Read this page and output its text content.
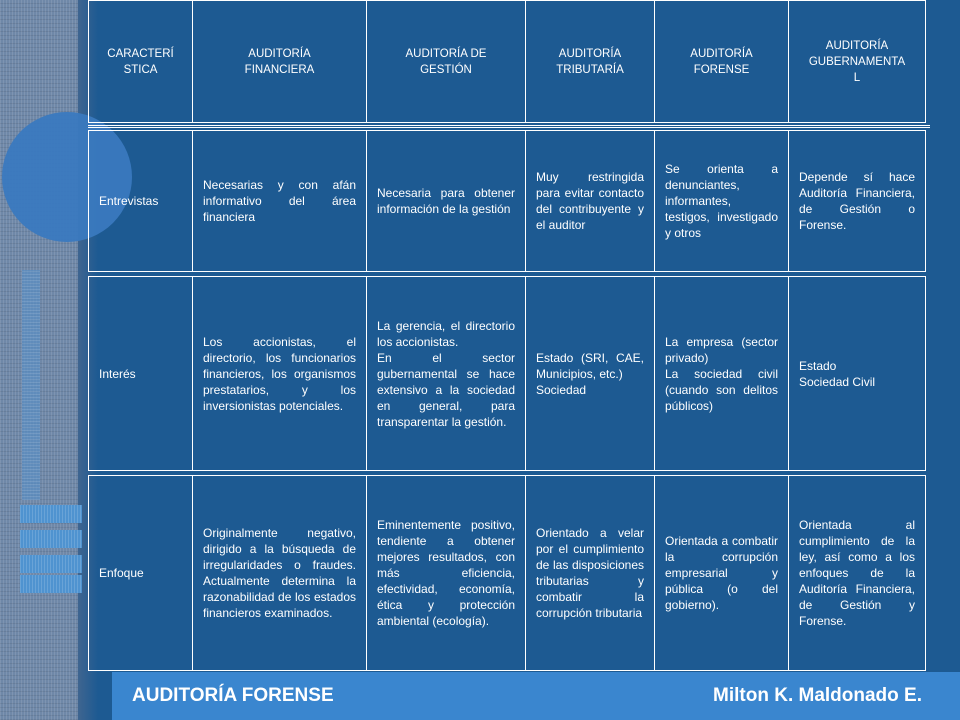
CARACTERÍ
STICA
AUDITORÍA
FINANCIERA
AUDITORÍA DE
GESTIÓN
AUDITORÍA
TRIBUTARÍA
AUDITORÍA
FORENSE
AUDITORÍA
GUBERNAMENTA
L
Entrevistas
Necesarias y con afán informativo del área financiera
Necesaria para obtener información de la gestión
Muy restringida para evitar contacto del contribuyente y el auditor
Se orienta a denunciantes, informantes, testigos, investigado y otros
Depende sí hace Auditoría Financiera, de Gestión o Forense.
Interés
Los accionistas, el directorio, los funcionarios financieros, los organismos prestatarios, y los inversionistas potenciales.
La gerencia, el directorio los accionistas.
En el sector gubernamental se hace extensivo a la sociedad en general, para transparentar la gestión.
Estado (SRI, CAE, Municipios, etc.)
Sociedad
La empresa (sector privado)
La sociedad civil (cuando son delitos públicos)
Estado
Sociedad Civil
Enfoque
Originalmente negativo, dirigido a la búsqueda de irregularidades o fraudes. Actualmente determina la razonabilidad de los estados financieros examinados.
Eminentemente positivo, tendiente a obtener mejores resultados, con más eficiencia, efectividad, economía, ética y protección ambiental (ecología).
Orientado a velar por el cumplimiento de las disposiciones tributarias y combatir la corrupción tributaria
Orientada a combatir la corrupción empresarial y pública (o del gobierno).
Orientada al cumplimiento de la ley, así como a los enfoques de la Auditoría Financiera, de Gestión y Forense.
AUDITORÍA FORENSE	Milton K. Maldonado E.
